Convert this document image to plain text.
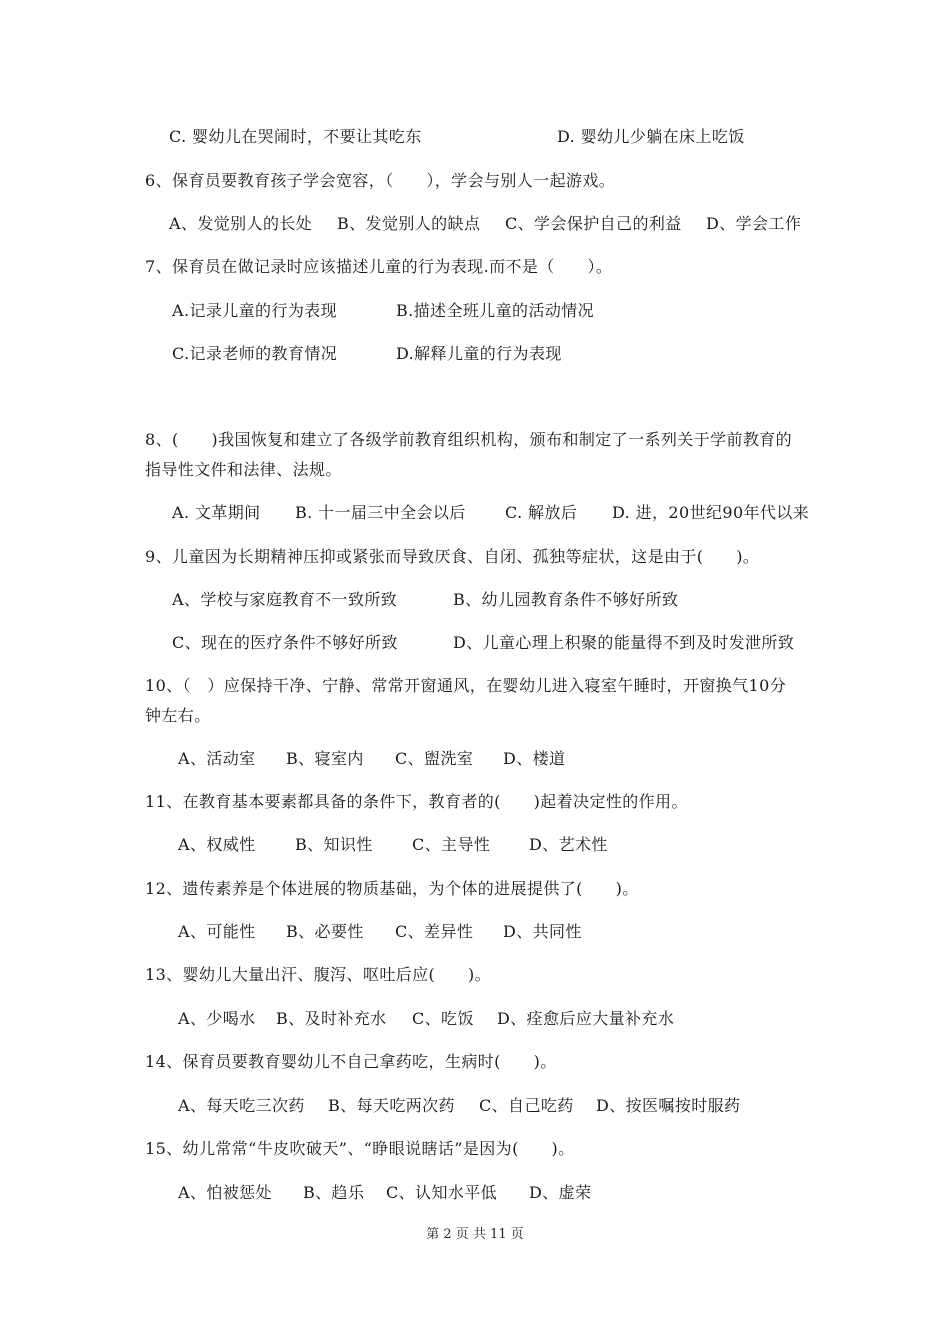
C. 婴幼儿在哭闹时，不要让其吃东	D. 婴幼儿少躺在床上吃饭
6、保育员要教育孩子学会宽容，（　　），学会与别人一起游戏。
A、发觉别人的长处 B、发觉别人的缺点 C、学会保护自己的利益 D、学会工作
7、保育员在做记录时应该描述儿童的行为表现.而不是（　　）。
A.记录儿童的行为表现	B.描述全班儿童的活动情况
C.记录老师的教育情况	D.解释儿童的行为表现
8、(　　)我国恢复和建立了各级学前教育组织机构，颁布和制定了一系列关于学前教育的
指导性文件和法律、法规。
A. 文革期间 B. 十一届三中全会以后 C. 解放后 D. 进，20世纪90年代以来
9、儿童因为长期精神压抑或紧张而导致厌食、自闭、孤独等症状，这是由于(　　)。
A、学校与家庭教育不一致所致	B、幼儿园教育条件不够好所致
C、现在的医疗条件不够好所致	D、儿童心理上积聚的能量得不到及时发泄所致
10、（　）应保持干净、宁静、常常开窗通风，在婴幼儿进入寝室午睡时，开窗换气10分
钟左右。
A、活动室 B、寝室内 C、盥洗室 D、楼道
11、在教育基本要素都具备的条件下，教育者的(　　)起着决定性的作用。
A、权威性 B、知识性 C、主导性 D、艺术性
12、遗传素养是个体进展的物质基础，为个体的进展提供了(　　)。
A、可能性 B、必要性 C、差异性 D、共同性
13、婴幼儿大量出汗、腹泻、呕吐后应(　　)。
A、少喝水 B、及时补充水 C、吃饭 D、痊愈后应大量补充水
14、保育员要教育婴幼儿不自己拿药吃，生病时(　　)。
A、每天吃三次药 B、每天吃两次药 C、自己吃药 D、按医嘱按时服药
15、幼儿常常“牛皮吹破天”、“睁眼说瞎话”是因为(　　)。
A、怕被惩处 B、趋乐 C、认知水平低 D、虚荣
第 2 页 共 11 页
